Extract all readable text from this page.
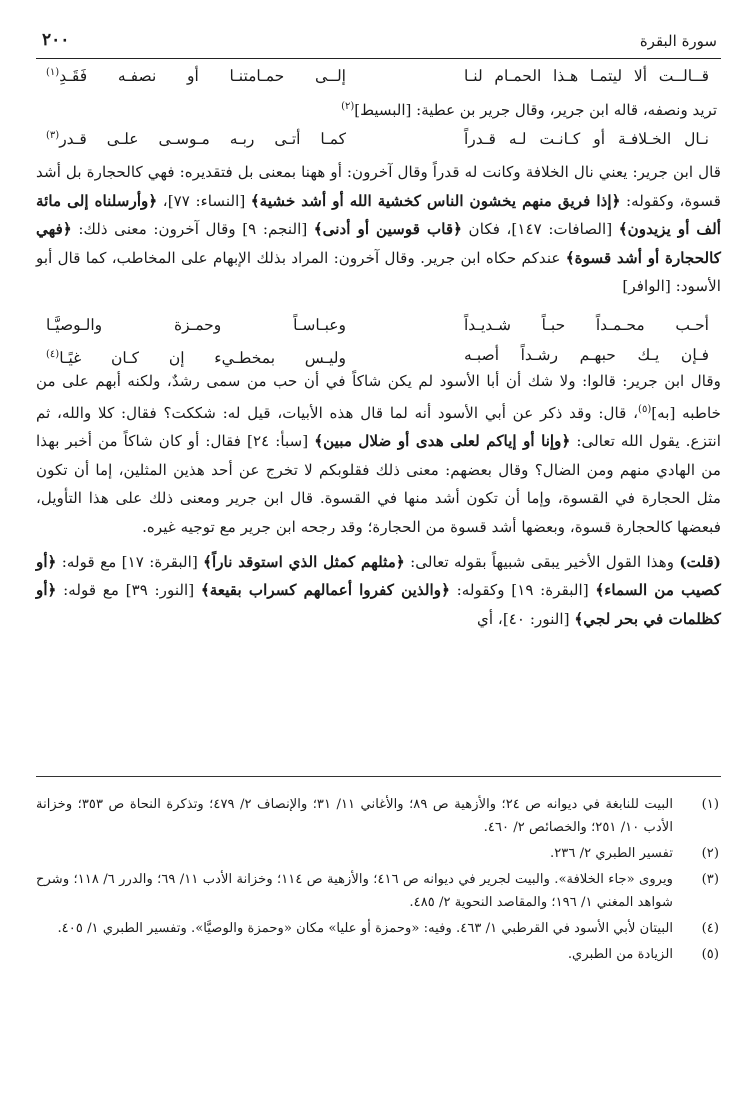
سورة البقرة
٢٠٠
قــالــت ألا ليتمـا هـذا الحمـام لنـا
إلــى حمـامتنـا أو نصفـه فَقَـدِ$^{(١)}$

تريد ونصفه، قاله ابن جرير، وقال جرير بن عطية: [البسيط]$^{(٢)}$

نـال الخـلافـة أو كـانـت لـه قـدراً
كمـا أتـى ربـه مـوسـى علـى قـدر$^{(٣)}$

قال ابن جرير: يعني نال الخلافة وكانت له قدراً وقال آخرون: أو ههنا بمعنى بل فتقديره: فهي كالحجارة بل أشد قسوة، وكقوله: ﴿إذا فريق منهم يخشون الناس كخشية الله أو أشد خشية﴾ [النساء: ٧٧]، ﴿وأرسلناه إلى مائة ألف أو يزيدون﴾ [الصافات: ١٤٧]، فكان ﴿قاب قوسين أو أدنى﴾ [النجم: ٩] وقال آخرون: معنى ذلك: ﴿فهي كالحجارة أو أشد قسوة﴾ عندكم حكاه ابن جرير. وقال آخرون: المراد بذلك الإبهام على المخاطب، كما قال أبو الأسود: [الوافر]

أحـب محـمـداً حبـاً شـديـداً
وعبـاسـاً وحمـزة والـوصيَّـا
فـإن يـك حبهـم رشـداً أصبـه
وليـس بمخطـيء إن كـان غيًـا$^{(٤)}$

وقال ابن جرير: قالوا: ولا شك أن أبا الأسود لم يكن شاكاً في أن حب من سمى رشدٌ، ولكنه أبهم على من خاطبه [به]$^{(٥)}$، قال: وقد ذكر عن أبي الأسود أنه لما قال هذه الأبيات، قيل له: شككت؟ فقال: كلا والله، ثم انتزع. يقول الله تعالى: ﴿وإنا أو إياكم لعلى هدى أو ضلال مبين﴾ [سبأ: ٢٤] فقال: أو كان شاكاً من أخبر بهذا من الهادي منهم ومن الضال؟ وقال بعضهم: معنى ذلك فقلوبكم لا تخرج عن أحد هذين المثلين، إما أن تكون مثل الحجارة في القسوة، وإما أن تكون أشد منها في القسوة. قال ابن جرير ومعنى ذلك على هذا التأويل، فبعضها كالحجارة قسوة، وبعضها أشد قسوة من الحجارة؛ وقد رجحه ابن جرير مع توجيه غيره.

(قلت) وهذا القول الأخير يبقى شبيهاً بقوله تعالى: ﴿مثلهم كمثل الذي استوقد ناراً﴾ [البقرة: ١٧] مع قوله: ﴿أو كصيب من السماء﴾ [البقرة: ١٩] وكقوله: ﴿والذين كفروا أعمالهم كسراب بقيعة﴾ [النور: ٣٩] مع قوله: ﴿أو كظلمات في بحر لجي﴾ [النور: ٤٠]، أي

(١)
البيت للنابغة في ديوانه ص ٢٤؛ والأزهية ص ٨٩؛ والأغاني ١١/ ٣١؛ والإنصاف ٢/ ٤٧٩؛ وتذكرة النحاة ص ٣٥٣؛ وخزانة الأدب ١٠/ ٢٥١؛ والخصائص ٢/ ٤٦٠.
(٢)
تفسير الطبري ٢/ ٢٣٦.
(٣)
ويروى «جاء الخلافة». والبيت لجرير في ديوانه ص ٤١٦؛ والأزهية ص ١١٤؛ وخزانة الأدب ١١/ ٦٩؛ والدرر ٦/ ١١٨؛ وشرح شواهد المغني ١/ ١٩٦؛ والمقاصد النحوية ٢/ ٤٨٥.
(٤)
البيتان لأبي الأسود في القرطبي ١/ ٤٦٣. وفيه: «وحمزة أو عليا» مكان «وحمزة والوصيَّا». وتفسير الطبري ١/ ٤٠٥.
(٥)
الزيادة من الطبري.
